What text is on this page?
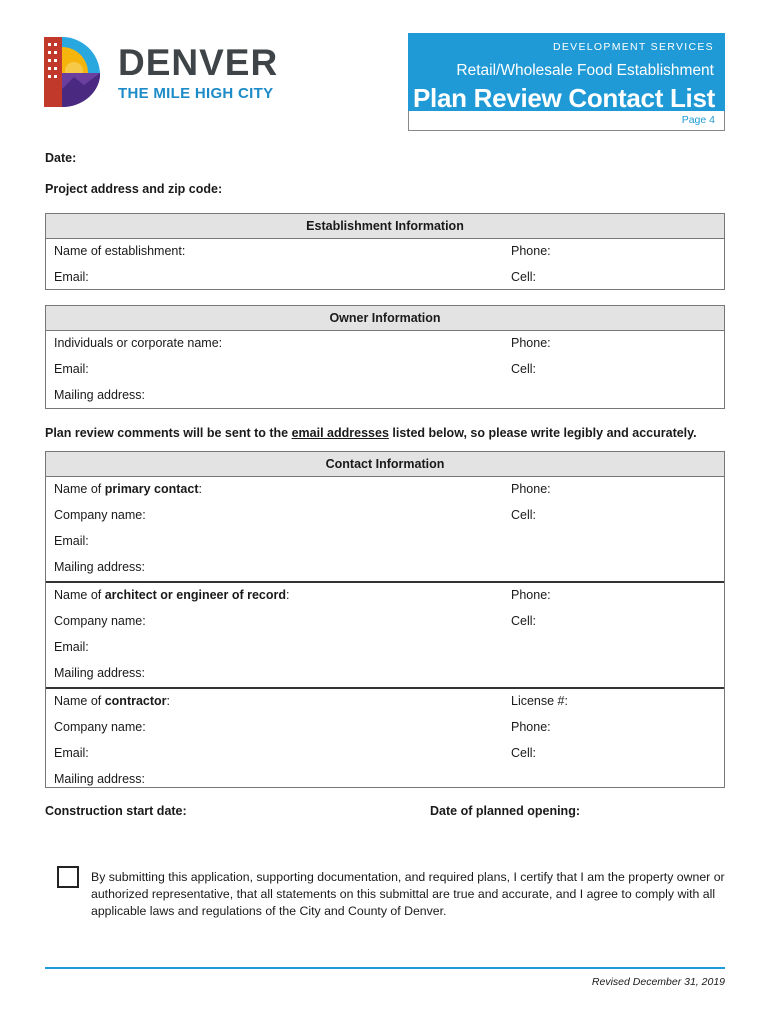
DENVER
THE MILE HIGH CITY
DEVELOPMENT SERVICES
Retail/Wholesale Food Establishment
Plan Review Contact List
Page 4
Date:
Project address and zip code:
Establishment Information
Name of establishment:	Phone:
Email:	Cell:
Owner Information
Individuals or corporate name:	Phone:
Email:	Cell:
Mailing address:
Plan review comments will be sent to the email addresses listed below, so please write legibly and accurately.
Contact Information
Name of primary contact:	Phone:
Company name:	Cell:
Email:
Mailing address:
Name of architect or engineer of record:	Phone:
Company name:	Cell:
Email:
Mailing address:
Name of contractor:	License #:
Company name:	Phone:
Email:	Cell:
Mailing address:
Construction start date:	Date of planned opening:
By submitting this application, supporting documentation, and required plans, I certify that I am the property owner or authorized representative, that all statements on this submittal are true and accurate, and I agree to comply with all applicable laws and regulations of the City and County of Denver.
Revised December 31, 2019
